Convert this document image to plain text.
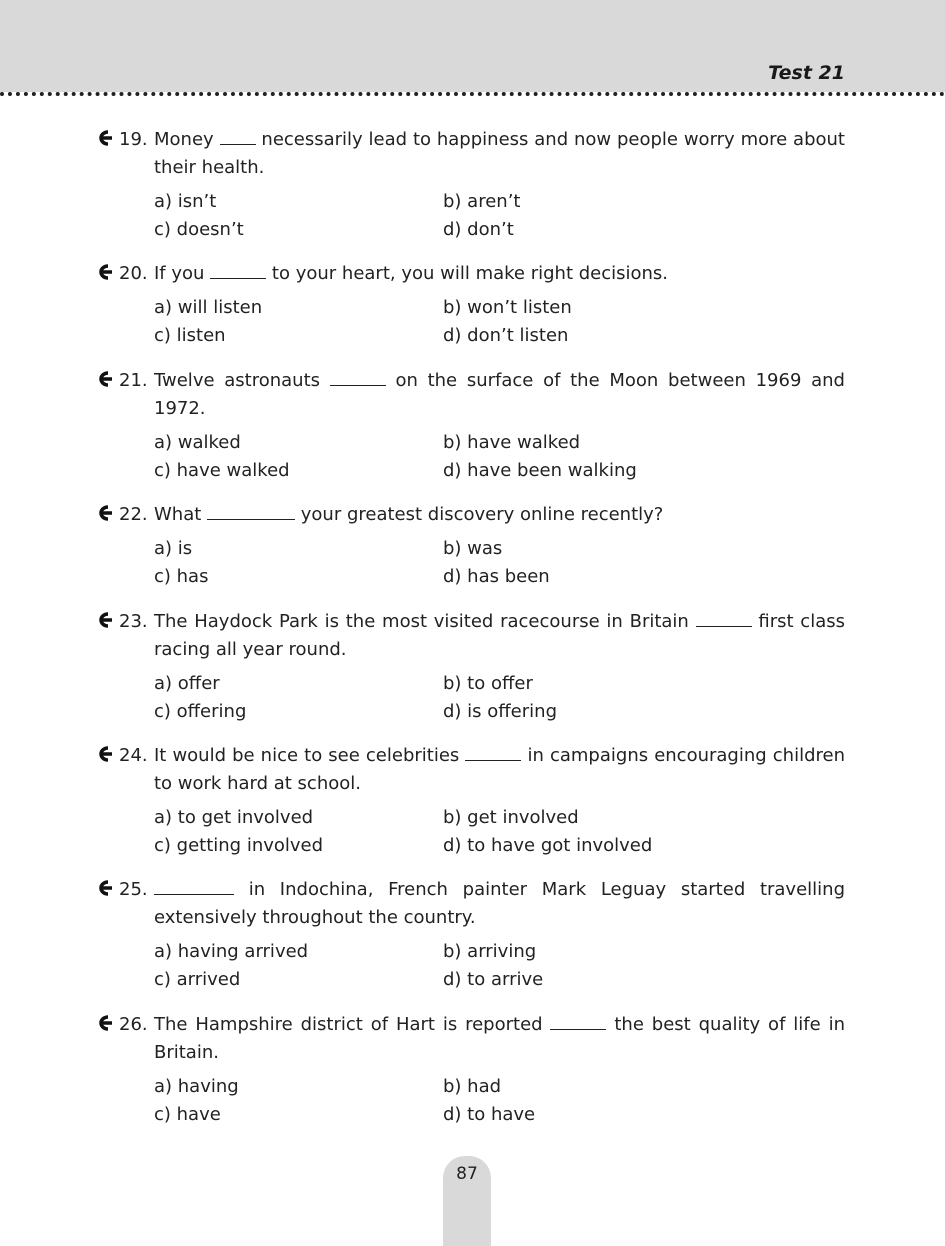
Test 21
19. Money	necessarily lead to happiness and now people worry more about their health.
a) isn’t	b) aren’t
c) doesn’t	d) don’t
20. If you	to your heart, you will make right decisions.
a) will listen	b) won’t listen
c) listen	d) don’t listen
21. Twelve astronauts	on the surface of the Moon between 1969 and 1972.
a) walked	b) have walked
c) have walked	d) have been walking
22. What	your greatest discovery online recently?
a) is	b) was
c) has	d) has been
23. The Haydock Park is the most visited racecourse in Britain	first class racing all year round.
a) offer	b) to offer
c) offering	d) is offering
24. It would be nice to see celebrities	in campaigns encouraging children to work hard at school.
a) to get involved	b) get involved
c) getting involved	d) to have got involved
25.	in Indochina, French painter Mark Leguay started travelling extensively throughout the country.
a) having arrived	b) arriving
c) arrived	d) to arrive
26. The Hampshire district of Hart is reported	the best quality of life in Britain.
a) having	b) had
c) have	d) to have
87
